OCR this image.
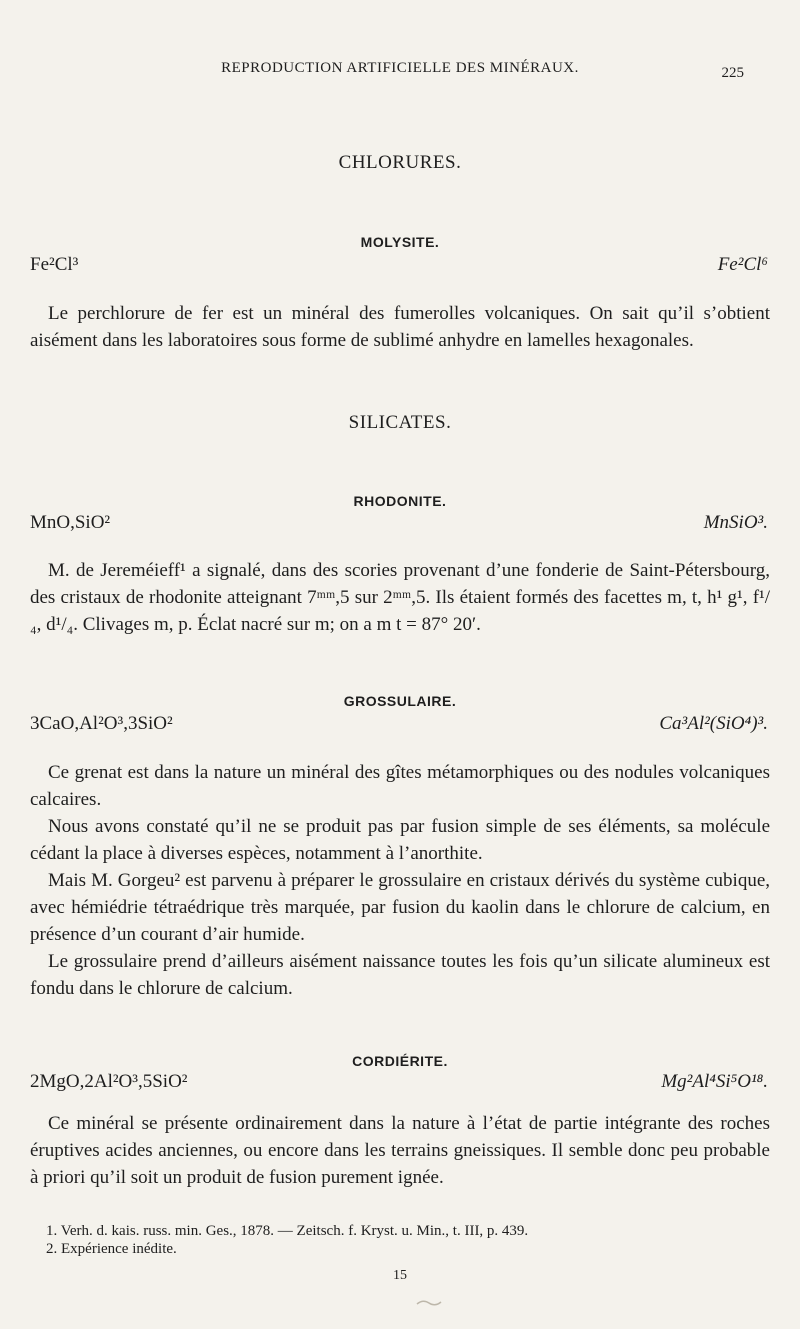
REPRODUCTION ARTIFICIELLE DES MINÉRAUX.	225
CHLORURES.
MOLYSITE.
Fe²Cl³	Fe²Cl⁶

Le perchlorure de fer est un minéral des fumerolles volcaniques. On sait qu’il s’obtient aisément dans les laboratoires sous forme de sublimé anhydre en lamelles hexagonales.

SILICATES.
RHODONITE.
MnO,SiO²	MnSiO³.

M. de Jereméieff¹ a signalé, dans des scories provenant d’une fonderie de Saint-Pétersbourg, des cristaux de rhodonite atteignant 7ᵐᵐ,5 sur 2ᵐᵐ,5. Ils étaient formés des facettes m, t, h¹ g¹, f¹/₄, d¹/₄. Clivages m, p. Éclat nacré sur m; on a m t = 87° 20′.

GROSSULAIRE.
3CaO,Al²O³,3SiO²	Ca³Al²(SiO⁴)³.

Ce grenat est dans la nature un minéral des gîtes métamorphiques ou des nodules volcaniques calcaires.

Nous avons constaté qu’il ne se produit pas par fusion simple de ses éléments, sa molécule cédant la place à diverses espèces, notamment à l’anorthite.

Mais M. Gorgeu² est parvenu à préparer le grossulaire en cristaux dérivés du système cubique, avec hémiédrie tétraédrique très marquée, par fusion du kaolin dans le chlorure de calcium, en présence d’un courant d’air humide.

Le grossulaire prend d’ailleurs aisément naissance toutes les fois qu’un silicate alumineux est fondu dans le chlorure de calcium.

CORDIÉRITE.
2MgO,2Al²O³,5SiO²	Mg²Al⁴Si⁵O¹⁸.

Ce minéral se présente ordinairement dans la nature à l’état de partie intégrante des roches éruptives acides anciennes, ou encore dans les terrains gneissiques. Il semble donc peu probable à priori qu’il soit un produit de fusion purement ignée.

1. Verh. d. kais. russ. min. Ges., 1878. — Zeitsch. f. Kryst. u. Min., t. III, p. 439.
2. Expérience inédite.
15
